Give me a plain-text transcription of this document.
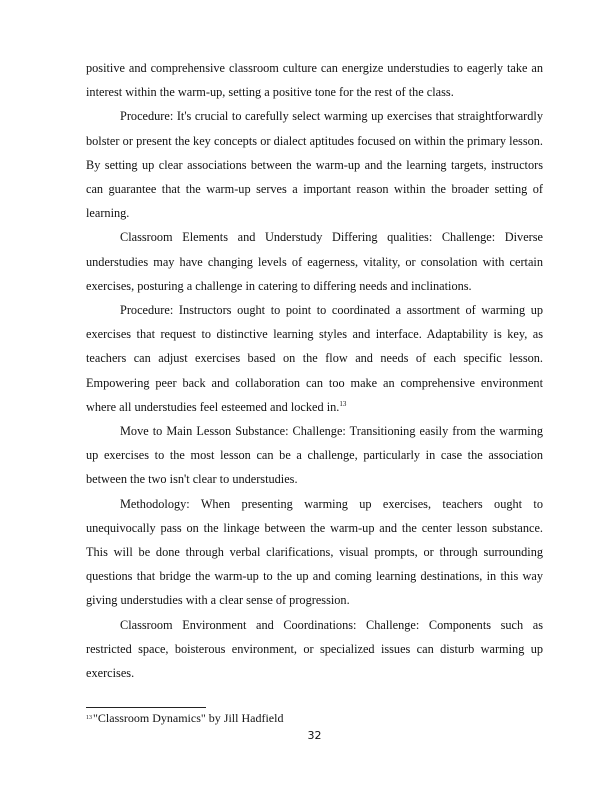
positive and comprehensive classroom culture can energize understudies to eagerly take an interest within the warm-up, setting a positive tone for the rest of the class.

Procedure: It's crucial to carefully select warming up exercises that straightforwardly bolster or present the key concepts or dialect aptitudes focused on within the primary lesson. By setting up clear associations between the warm-up and the learning targets, instructors can guarantee that the warm-up serves a important reason within the broader setting of learning.

Classroom Elements and Understudy Differing qualities: Challenge: Diverse understudies may have changing levels of eagerness, vitality, or consolation with certain exercises, posturing a challenge in catering to differing needs and inclinations.

Procedure: Instructors ought to point to coordinated a assortment of warming up exercises that request to distinctive learning styles and interface. Adaptability is key, as teachers can adjust exercises based on the flow and needs of each specific lesson. Empowering peer back and collaboration can too make an comprehensive environment where all understudies feel esteemed and locked in.$^{13}$

Move to Main Lesson Substance: Challenge: Transitioning easily from the warming up exercises to the most lesson can be a challenge, particularly in case the association between the two isn't clear to understudies.

Methodology: When presenting warming up exercises, teachers ought to unequivocally pass on the linkage between the warm-up and the center lesson substance. This will be done through verbal clarifications, visual prompts, or through surrounding questions that bridge the warm-up to the up and coming learning destinations, in this way giving understudies with a clear sense of progression.

Classroom Environment and Coordinations: Challenge: Components such as restricted space, boisterous environment, or specialized issues can disturb warming up exercises.

$^{13}$"Classroom Dynamics" by Jill Hadfield
32
